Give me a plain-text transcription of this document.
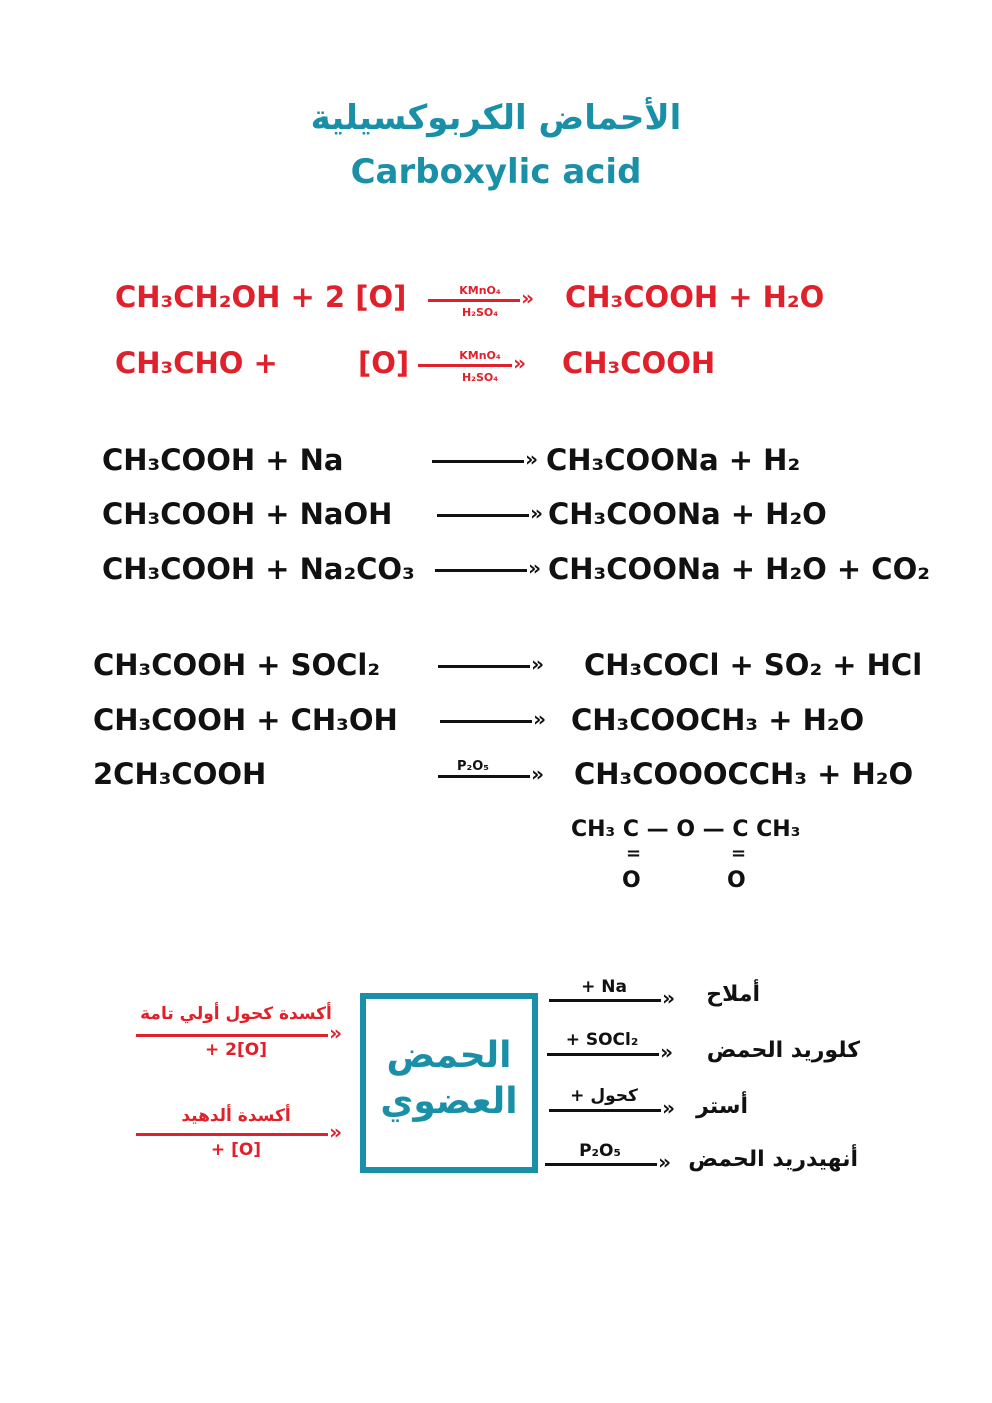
الأحماض الكربوكسيلية
Carboxylic acid
CH₃CH₂OH + 2 [O]	KMnO₄
»
H₂SO₄	CH₃COOH + H₂O
CH₃CHO +	[O]	KMnO₄
»
H₂SO₄	CH₃COOH
CH₃COOH + Na »	CH₃COONa + H₂
CH₃COOH + NaOH »	CH₃COONa + H₂O
CH₃COOH + Na₂CO₃ »	CH₃COONa + H₂O + CO₂
CH₃COOH + SOCl₂ »	CH₃COCl + SO₂ + HCl
CH₃COOH + CH₃OH »	CH₃COOCH₃ + H₂O
2CH₃COOH	P₂O₅ »	CH₃COOOCCH₃ + H₂O
CH₃ C — O — C CH₃
=	=
O	O
الحمض
العضوي
أكسدة كحول أولي تامة
»
+ 2[O]
أكسدة ألدهيد
»
+ [O]
+ Na »	أملاح
+ SOCl₂ »	كلوريد الحمض
+ كحول »	أستر
P₂O₅ »	أنهيدريد الحمض
